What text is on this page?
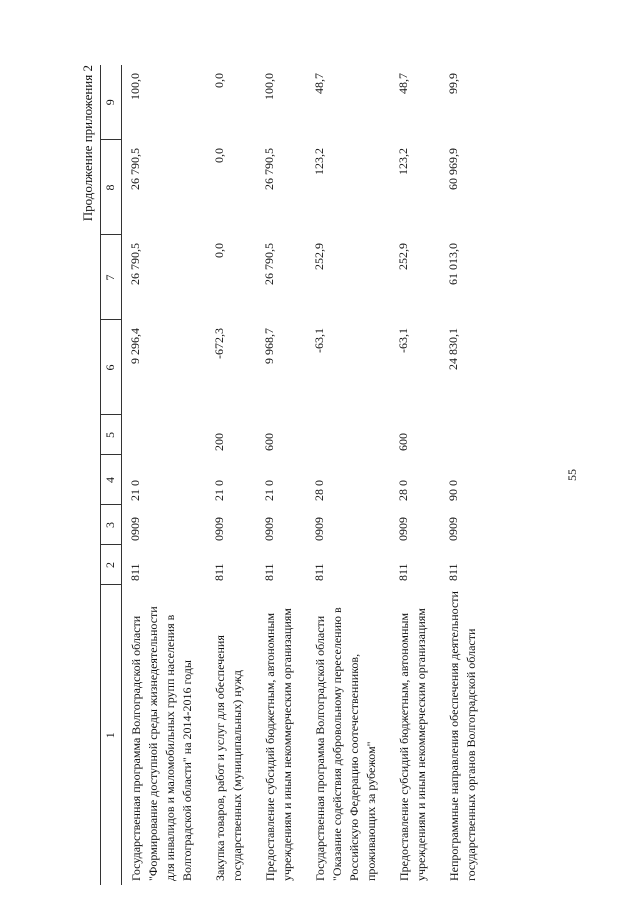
55
Продолжение приложения 2
1	2	3	4	5	6	7	8	9
Государственная программа Волгоградской области "Формирование доступной среды жизнедеятельности для инвалидов и маломобильных групп населения в Волгоградской области" на 2014-2016 годы	811	0909	21 0		9 296,4	26 790,5	26 790,5	100,0
Закупка товаров, работ и услуг для обеспечения государственных (муниципальных) нужд	811	0909	21 0	200	-672,3	0,0	0,0	0,0
Предоставление субсидий бюджетным, автономным учреждениям и иным некоммерческим организациям	811	0909	21 0	600	9 968,7	26 790,5	26 790,5	100,0
Государственная программа Волгоградской области "Оказание содействия добровольному переселению в Российскую Федерацию соотечественников, проживающих за рубежом"	811	0909	28 0		-63,1	252,9	123,2	48,7
Предоставление субсидий бюджетным, автономным учреждениям и иным некоммерческим организациям	811	0909	28 0	600	-63,1	252,9	123,2	48,7
Непрограммные направления обеспечения деятельности государственных органов Волгоградской области	811	0909	90 0		24 830,1	61 013,0	60 969,9	99,9
